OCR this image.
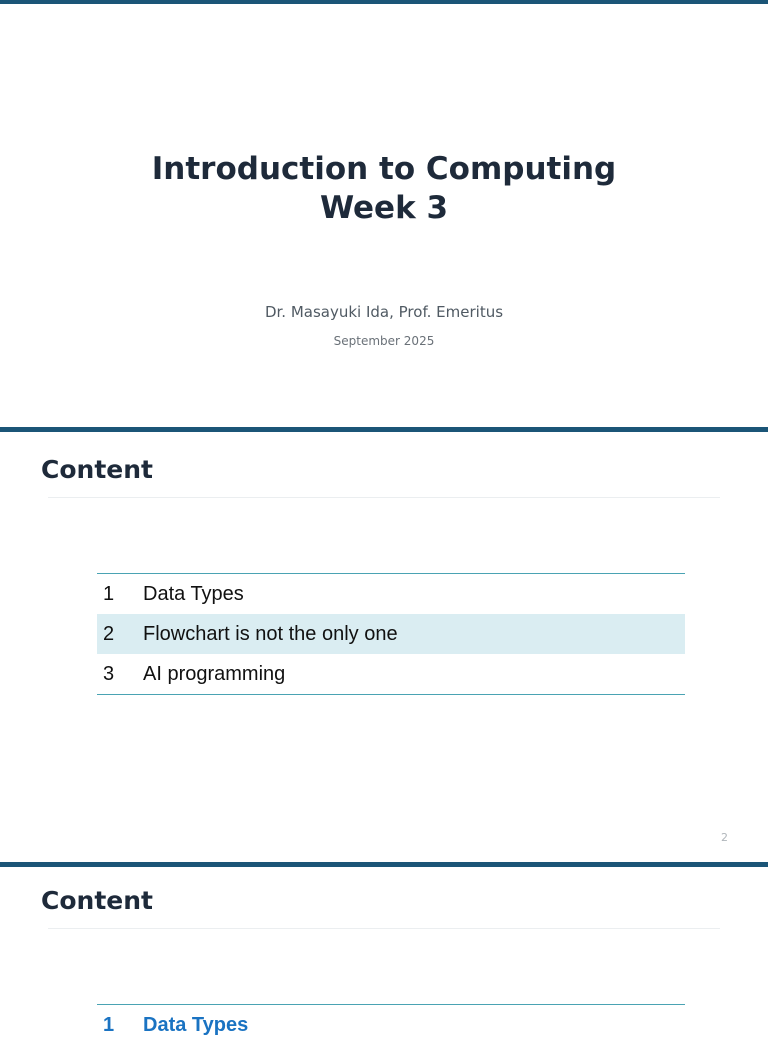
Introduction to Computing
Week 3
Dr. Masayuki Ida, Prof. Emeritus
September 2025
Content
1	Data Types
2	Flowchart is not the only one
3	AI programming
2
Content
1	Data Types
